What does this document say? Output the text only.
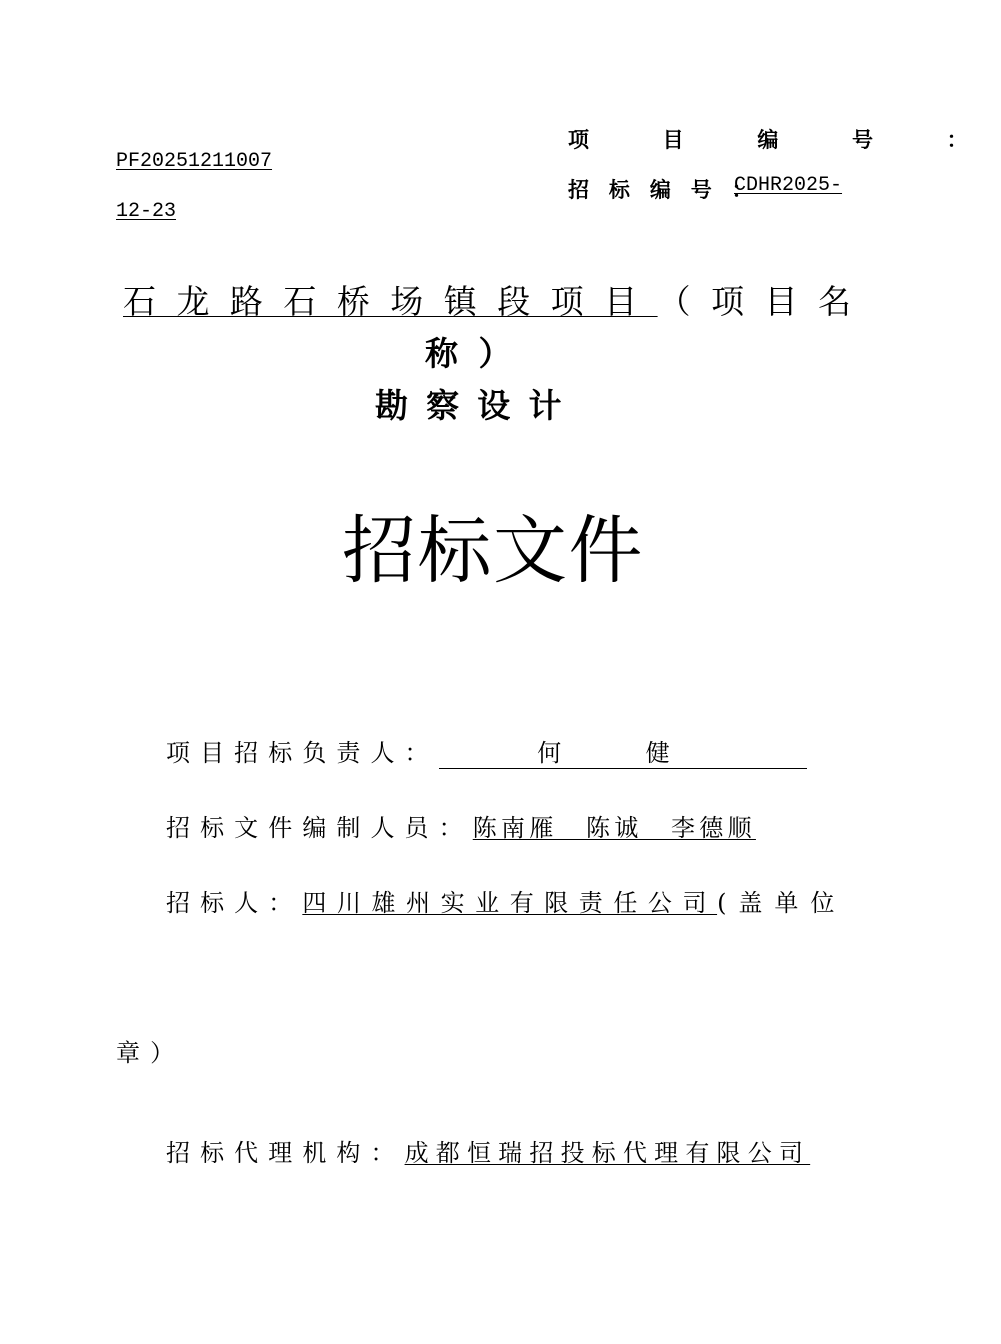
项 目 编 号 ：
PF20251211007
招 标 编 号 ：
CDHR2025-
12-23
石龙路石桥场镇段项目（项目名
称）
勘察设计
招标文件
项目招标负责人：	何 健
招标文件编制人员：陈南雁　陈诚　李德顺
招标人：四川雄州实业有限责任公司(盖单位
章）
招标代理机构：成都恒瑞招投标代理有限公司
